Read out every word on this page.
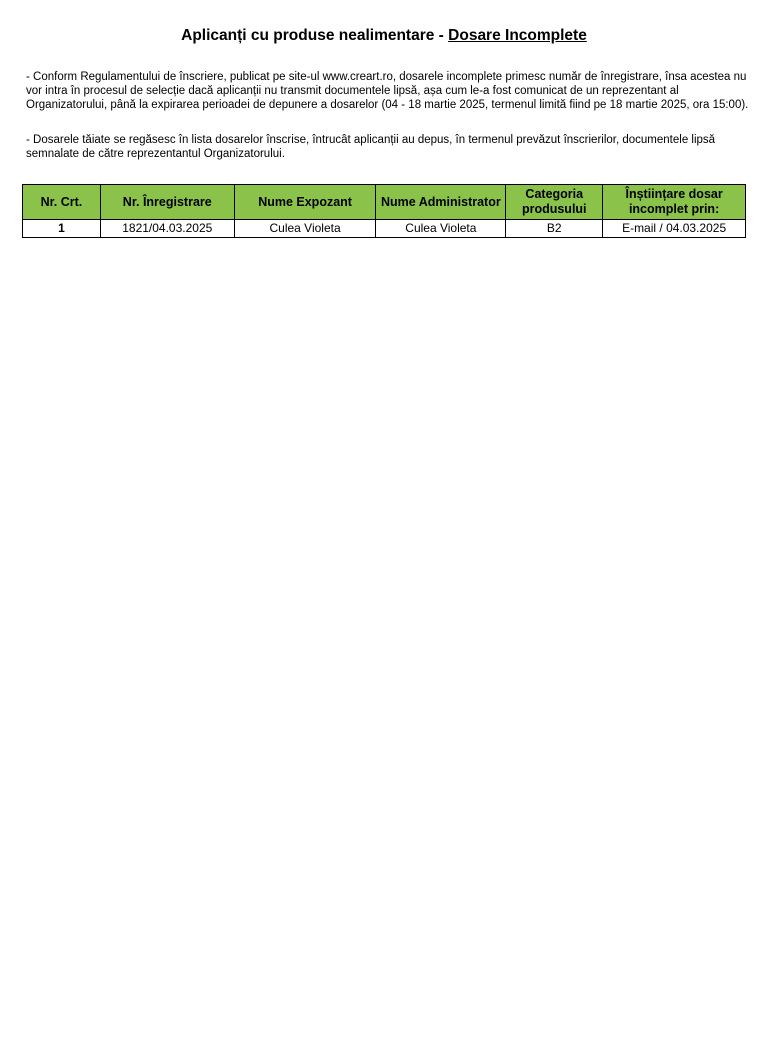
Aplicanți cu produse nealimentare - Dosare Incomplete
- Conform Regulamentului de înscriere, publicat pe site-ul www.creart.ro, dosarele incomplete primesc număr de înregistrare, însa acestea nu vor intra în procesul de selecție dacă aplicanții nu transmit documentele lipsă, așa cum le-a fost comunicat de un reprezentant al Organizatorului, până la expirarea perioadei de depunere a dosarelor (04 - 18 martie 2025, termenul limită fiind pe 18 martie 2025, ora 15:00).
- Dosarele tăiate se regăsesc în lista dosarelor înscrise, întrucât aplicanții au depus, în termenul prevăzut înscrierilor, documentele lipsă semnalate de către reprezentantul Organizatorului.
Nr. Crt.	Nr. Înregistrare	Nume Expozant	Nume Administrator	Categoria produsului	Înștiințare dosar incomplet prin:
1	1821/04.03.2025	Culea Violeta	Culea Violeta	B2	E-mail / 04.03.2025
